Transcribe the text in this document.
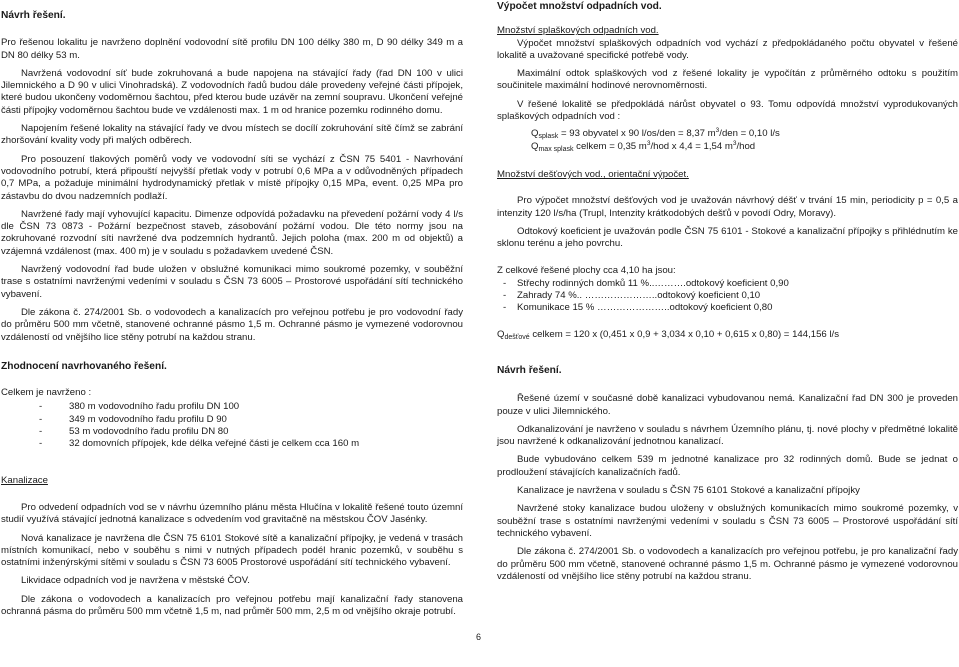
Návrh řešení.
Pro řešenou lokalitu je navrženo doplnění vodovodní sítě profilu DN 100 délky 380 m, D 90 délky 349 m a DN 80 délky 53 m.
Navržená vodovodní síť bude zokruhovaná a bude napojena na stávající řady (řad DN 100 v ulici Jilemnického a D 90 v ulici Vinohradská). Z vodovodních řadů budou dále provedeny veřejné části přípojek, které budou ukončeny vodoměrnou šachtou, před kterou bude uzávěr na zemní soupravu. Ukončení veřejné části přípojky vodoměrnou šachtou bude ve vzdálenosti max. 1 m od hranice pozemku rodinného domu.
Napojením řešené lokality na stávající řady ve dvou místech se docílí zokruhování sítě čímž se zabrání zhoršování kvality vody při malých odběrech.
Pro posouzení tlakových poměrů vody ve vodovodní síti se vychází z ČSN 75 5401 - Navrhování vodovodního potrubí, která připouští nejvyšší přetlak vody v potrubí 0,6 MPa a v odůvodněných případech 0,7 MPa, a požaduje minimální hydrodynamický přetlak v místě přípojky 0,15 MPa, event. 0,25 MPa pro zástavbu do dvou nadzemních podlaží.
Navržené řady mají vyhovující kapacitu. Dimenze odpovídá požadavku na převedení požární vody 4 l/s dle ČSN 73 0873 - Požární bezpečnost staveb, zásobování požární vodou. Dle této normy jsou na zokruhované rozvodní síti navržené dva podzemních hydrantů. Jejich poloha (max. 200 m od objektů) a vzájemná vzdálenost (max. 400 m) je v souladu s požadavkem uvedené ČSN.
Navržený vodovodní řad bude uložen v obslužné komunikaci mimo soukromé pozemky, v souběžní trase s ostatními navrženými vedeními v souladu s ČSN 73 6005 – Prostorové uspořádání sítí technického vybavení.
Dle zákona č. 274/2001 Sb. o vodovodech a kanalizacích pro veřejnou potřebu je pro vodovodní řady do průměru 500 mm včetně, stanovené ochranné pásmo 1,5 m. Ochranné pásmo je vymezené vodorovnou vzdáleností od vnějšího lice stěny potrubí na každou stranu.
Zhodnocení navrhovaného řešení.
Celkem je navrženo :
-	380 m vodovodního řadu profilu DN 100
-	349 m vodovodního řadu profilu D 90
-	53 m vodovodního řadu profilu DN 80
-	32 domovních přípojek, kde délka veřejné části je celkem cca 160 m
Kanalizace
Pro odvedení odpadních vod se v návrhu územního plánu města Hlučína v lokalitě řešené touto územní studií využívá stávající jednotná kanalizace s odvedením vod gravitačně na městskou ČOV Jasénky.
Nová kanalizace je navržena dle ČSN 75 6101 Stokové sítě a kanalizační přípojky, je vedená v trasách místních komunikací, nebo v souběhu s nimi v nutných případech podél hranic pozemků, v souběhu s ostatními inženýrskými sítěmi v souladu s ČSN 73 6005 Prostorové uspořádání sítí technického vybavení.
Likvidace odpadních vod je navržena v městské ČOV.
Dle zákona o vodovodech a kanalizacích pro veřejnou potřebu mají kanalizační řady stanovena ochranná pásma do průměru 500 mm včetně 1,5 m, nad průměr 500 mm, 2,5 m od vnějšího okraje potrubí.
Výpočet množství odpadních vod.
Množství splaškových odpadních vod.
Výpočet množství splaškových odpadních vod vychází z předpokládaného počtu obyvatel v řešené lokalitě a uvažované specifické potřebě vody.
Maximální odtok splaškových vod z řešené lokality je vypočítán z průměrného odtoku s použitím součinitele maximální hodinové nerovnoměrnosti.
V řešené lokalitě se předpokládá nárůst obyvatel o 93. Tomu odpovídá množství vyprodukovaných splaškových odpadních vod :
$Q_{splask} = 93$ obyvatel x 90 l/os/den = 8,37 $m^3$/den = 0,10 l/s
$Q_{max splask}$ celkem = 0,35 $m^3$/hod x 4,4 = 1,54 $m^3$/hod
Množství dešťových vod., orientační výpočet.
Pro výpočet množství dešťových vod je uvažován návrhový déšť v trvání 15 min, periodicity p = 0,5 a intenzity 120 l/s/ha (Trupl, Intenzity krátkodobých dešťů v povodí Odry, Moravy).
Odtokový koeficient je uvažován podle ČSN 75 6101 - Stokové a kanalizační přípojky s přihlédnutím ke sklonu terénu a jeho povrchu.
Z celkové řešené plochy cca 4,10 ha jsou:
-	Střechy rodinných domků 11 %..……….odtokový koeficient 0,90
-	Zahrady 74 %.. …………………..odtokový koeficient 0,10
-	Komunikace 15 % …………………..odtokový koeficient 0,80
$Q_{dešťové}$ celkem = 120 x (0,451 x 0,9 + 3,034 x 0,10 + 0,615 x 0,80) = 144,156 l/s
Návrh řešení.
Řešené území v současné době kanalizaci vybudovanou nemá. Kanalizační řad DN 300 je proveden pouze v ulici Jilemnického.
Odkanalizování je navrženo v souladu s návrhem Územního plánu, tj. nové plochy v předmětné lokalitě jsou navržené k odkanalizování jednotnou kanalizací.
Bude vybudováno celkem 539 m jednotné kanalizace pro 32 rodinných domů. Bude se jednat o prodloužení stávajících kanalizačních řadů.
Kanalizace je navržena v souladu s ČSN 75 6101 Stokové a kanalizační přípojky
Navržené stoky kanalizace budou uloženy v obslužných komunikacích mimo soukromé pozemky, v souběžní trase s ostatními navrženými vedeními v souladu s ČSN 73 6005 – Prostorové uspořádání sítí technického vybavení.
Dle zákona č. 274/2001 Sb. o vodovodech a kanalizacích pro veřejnou potřebu, je pro kanalizační řady do průměru 500 mm včetně, stanovené ochranné pásmo 1,5 m. Ochranné pásmo je vymezené vodorovnou vzdáleností od vnějšího lice stěny potrubí na každou stranu.
6
